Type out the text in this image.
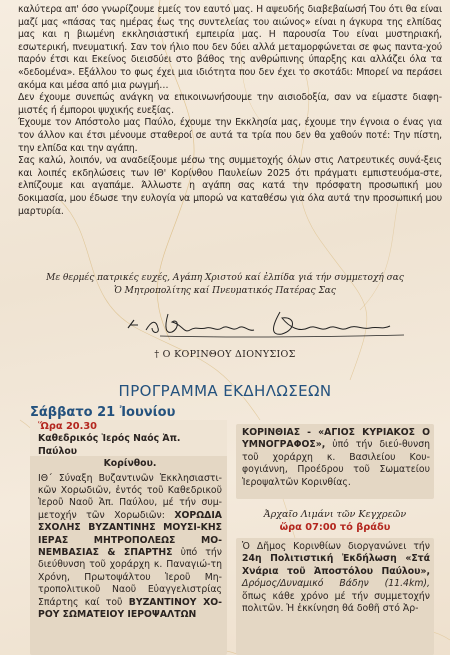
καλύτερα απ' όσο γνωρίζουμε εμείς τον εαυτό μας. Η αψευδής διαβεβαίωσή Του ότι θα είναι μαζί μας «πάσας τας ημέρας έως της συντελείας του αιώνος» είναι η άγκυρα της ελπίδας μας και η βιωμένη εκκλησιαστική εμπειρία μας. Η παρουσία Του είναι μυστηριακή, εσωτερική, πνευματική. Σαν τον ήλιο που δεν δύει αλλά μεταμορφώνεται σε φως παντα-χού παρόν έτσι και Εκείνος διεισδύει στο βάθος της ανθρώπινης ύπαρξης και αλλάζει όλα τα «δεδομένα». Εξάλλου το φως έχει μια ιδιότητα που δεν έχει το σκοτάδι: Μπορεί να περάσει ακόμα και μέσα από μια ρωγμή…

Δεν έχουμε συνεπώς ανάγκη να επικοινωνήσουμε την αισιοδοξία, σαν να είμαστε διαφη-μιστές ή έμποροι ψυχικής ευεξίας.

Έχουμε τον Απόστολο μας Παύλο, έχουμε την Εκκλησία μας, έχουμε την έγνοια ο ένας για τον άλλον και έτσι μένουμε σταθεροί σε αυτά τα τρία που δεν θα χαθούν ποτέ: Την πίστη, την ελπίδα και την αγάπη.

Σας καλώ, λοιπόν, να αναδείξουμε μέσω της συμμετοχής όλων στις Λατρευτικές συνά-ξεις και λοιπές εκδηλώσεις των ΙΘ' Κορίνθου Παυλείων 2025 ότι πράγματι εμπιστευόμα-στε, ελπίζουμε και αγαπάμε. Άλλωστε η αγάπη σας κατά την πρόσφατη προσωπική μου δοκιμασία, μου έδωσε την ευλογία να μπορώ να καταθέσω για όλα αυτά την προσωπική μου μαρτυρία.

Με θερμές πατρικές ευχές, Αγάπη Χριστού καί ἐλπίδα γιά τήν συμμετοχή σας
Ὁ Μητροπολίτης καί Πνευματικός Πατέρας Σας
† Ο ΚΟΡΙΝΘΟΥ ΔΙΟΝΥΣΙΟΣ
ΠΡΟΓΡΑΜΜΑ ΕΚΔΗΛΩΣΕΩΝ
Σάββατο 21 Ἰουνίου
Ὥρα 20.30
Καθεδρικός Ἱερός Ναός Ἀπ. Παύλου
Κορίνθου.
ΙΘ΄ Σύναξη Βυζαντινῶν Ἐκκλησιαστι-κῶν Χορωδιῶν, ἐντός τοῦ Καθεδρικοῦ Ἱεροῦ Ναοῦ Ἀπ. Παύλου, μέ τήν συμ-μετοχήν τῶν Χορωδιῶν: ΧΟΡΩΔΙΑ ΣΧΟΛΗΣ ΒΥΖΑΝΤΙΝΗΣ ΜΟΥΣΙ-ΚΗΣ ΙΕΡΑΣ ΜΗΤΡΟΠΟΛΕΩΣ ΜΟ-ΝΕΜΒΑΣΙΑΣ & ΣΠΑΡΤΗΣ ὑπό τήν διεύθυνση τοῦ χοράρχη κ. Παναγιώ-τη Χρόνη, Πρωτοψάλτου Ἱεροῦ Μη-τροπολιτικοῦ Ναοῦ Εὐαγγελιστρίας Σπάρτης καί τοῦ ΒΥΖΑΝΤΙΝΟΥ ΧΟ-ΡΟΥ ΣΩΜΑΤΕΙΟΥ ΙΕΡΟΨΑΛΤΩΝ
ΚΟΡΙΝΘΙΑΣ - «ΑΓΙΟΣ ΚΥΡΙΑΚΟΣ Ο ΥΜΝΟΓΡΑΦΟΣ», ὑπό τήν διεύ-θυνση τοῦ χοράρχη κ. Βασιλείου Κου-φογιάννη, Προέδρου τοῦ Σωματείου Ἱεροψαλτῶν Κορινθίας.
Ἀρχαῖο Λιμάνι τῶν Κεγχρεῶν
ὥρα 07:00 τό βράδυ
Ὁ Δῆμος Κορινθίων διοργανώνει τήν 24η Πολιτιστική Ἐκδήλωση «Στά Χνάρια τοῦ Ἀποστόλου Παύλου», Δρόμος/Δυναμικό Βάδην (11.4km), ὅπως κάθε χρόνο μέ τήν συμμετοχήν πολιτῶν. Ἡ ἐκκίνηση θά δοθῆ στό Ἀρ-
